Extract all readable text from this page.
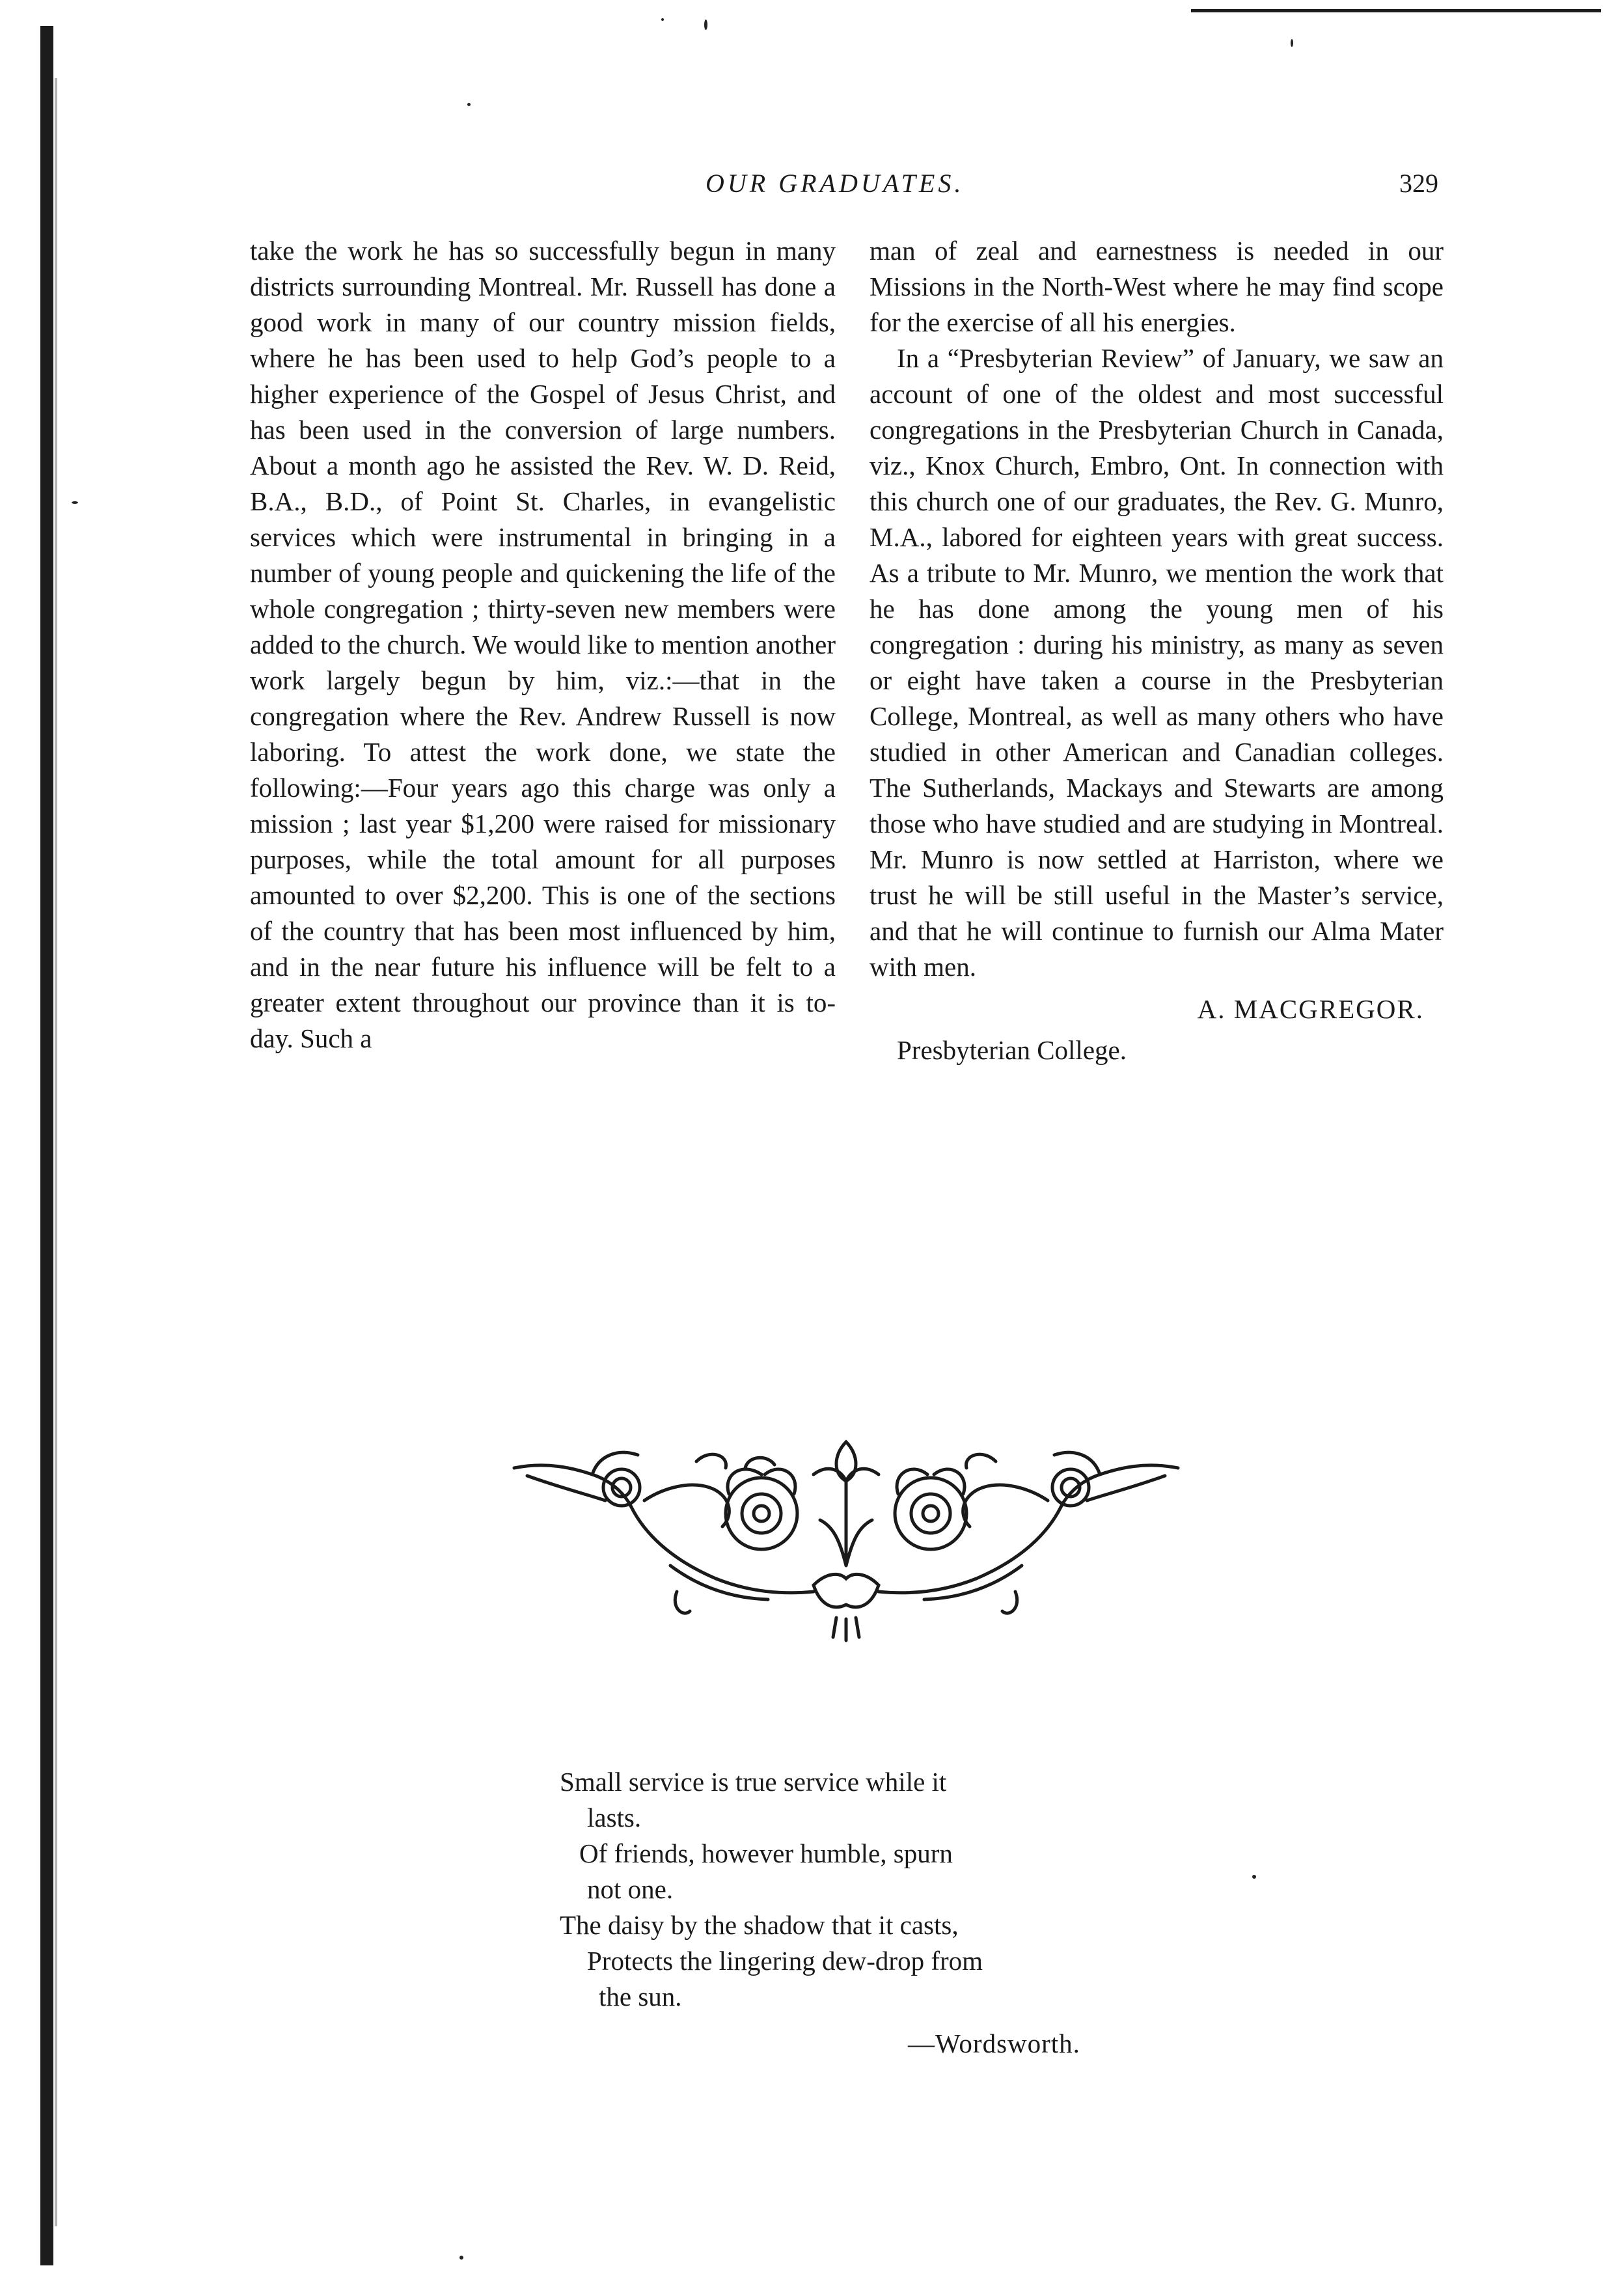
OUR GRADUATES.	329

take the work he has so successfully begun in many districts surrounding Montreal. Mr. Russell has done a good work in many of our country mission fields, where he has been used to help God’s people to a higher experience of the Gospel of Jesus Christ, and has been used in the conversion of large numbers. About a month ago he assisted the Rev. W. D. Reid, B.A., B.D., of Point St. Charles, in evangelistic services which were instrumental in bringing in a number of young people and quickening the life of the whole congregation ; thirty-seven new members were added to the church. We would like to mention another work largely begun by him, viz.:—that in the congregation where the Rev. Andrew Russell is now laboring. To attest the work done, we state the following:—Four years ago this charge was only a mission ; last year $1,200 were raised for missionary purposes, while the total amount for all purposes amounted to over $2,200. This is one of the sections of the country that has been most influenced by him, and in the near future his influence will be felt to a greater extent throughout our province than it is to-day. Such a

man of zeal and earnestness is needed in our Missions in the North-West where he may find scope for the exercise of all his energies.

In a “Presbyterian Review” of January, we saw an account of one of the oldest and most successful congregations in the Presbyterian Church in Canada, viz., Knox Church, Embro, Ont. In connection with this church one of our graduates, the Rev. G. Munro, M.A., labored for eighteen years with great success. As a tribute to Mr. Munro, we mention the work that he has done among the young men of his congregation : during his ministry, as many as seven or eight have taken a course in the Presbyterian College, Montreal, as well as many others who have studied in other American and Canadian colleges. The Sutherlands, Mackays and Stewarts are among those who have studied and are studying in Montreal. Mr. Munro is now settled at Harriston, where we trust he will be still useful in the Master’s service, and that he will continue to furnish our Alma Mater with men.

A. MACGREGOR.
Presbyterian College.
Small service is true service while it
lasts.
Of friends, however humble, spurn
not one.
The daisy by the shadow that it casts,
Protects the lingering dew-drop from
the sun.
—Wordsworth.
